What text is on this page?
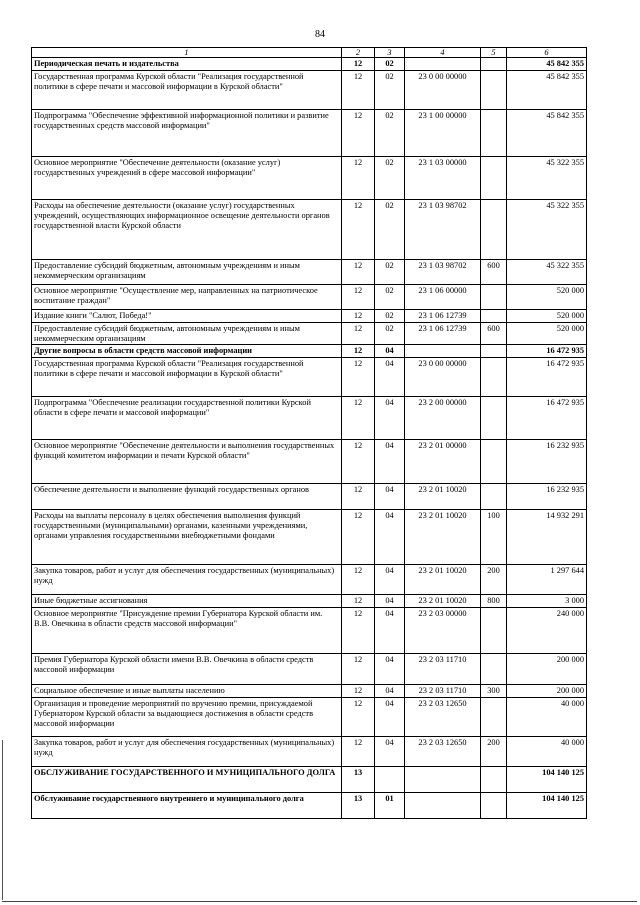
84
1	2	3	4	5	6
Периодическая печать и издательства	12	02			45 842 355
Государственная программа Курской области "Реализация государственной политики в сфере печати и массовой информации в Курской области"	12	02	23 0 00 00000		45 842 355
Подпрограмма "Обеспечение эффективной информационной политики и развитие государственных средств массовой информации"	12	02	23 1 00 00000		45 842 355
Основное мероприятие "Обеспечение деятельности (оказание услуг) государственных учреждений в сфере массовой информации"	12	02	23 1 03 00000		45 322 355
Расходы на обеспечение деятельности (оказание услуг) государственных учреждений, осуществляющих информационное освещение деятельности органов государственной власти Курской области	12	02	23 1 03 98702		45 322 355
Предоставление субсидий бюджетным, автономным учреждениям и иным некоммерческим организациям	12	02	23 1 03 98702	600	45 322 355
Основное мероприятие "Осуществление мер, направленных на патриотическое воспитание граждан"	12	02	23 1 06 00000		520 000
Издание книги "Салют, Победа!"	12	02	23 1 06 12739		520 000
Предоставление субсидий бюджетным, автономным учреждениям и иным некоммерческим организациям	12	02	23 1 06 12739	600	520 000
Другие вопросы в области средств массовой информации	12	04			16 472 935
Государственная программа Курской области "Реализация государственной политики в сфере печати и массовой информации в Курской области"	12	04	23 0 00 00000		16 472 935
Подпрограмма "Обеспечение реализации государственной политики Курской области в сфере печати и массовой информации"	12	04	23 2 00 00000		16 472 935
Основное мероприятие "Обеспечение деятельности и выполнения государственных функций комитетом информации и печати Курской области"	12	04	23 2 01 00000		16 232 935
Обеспечение деятельности и выполнение функций государственных органов	12	04	23 2 01 10020		16 232 935
Расходы на выплаты персоналу в целях обеспечения выполнения функций государственными (муниципальными) органами, казенными учреждениями, органами управления государственными внебюджетными фондами	12	04	23 2 01 10020	100	14 932 291
Закупка товаров, работ и услуг для обеспечения государственных (муниципальных) нужд	12	04	23 2 01 10020	200	1 297 644
Иные бюджетные ассигнования	12	04	23 2 01 10020	800	3 000
Основное мероприятие "Присуждение премии Губернатора Курской области им. В.В. Овечкина в области средств массовой информации"	12	04	23 2 03 00000		240 000
Премия Губернатора Курской области имени В.В. Овечкина в области средств массовой информации	12	04	23 2 03 11710		200 000
Социальное обеспечение и иные выплаты населению	12	04	23 2 03 11710	300	200 000
Организация и проведение мероприятий по вручению премии, присуждаемой Губернатором Курской области за выдающиеся достижения в области средств массовой информации	12	04	23 2 03 12650		40 000
Закупка товаров, работ и услуг для обеспечения государственных (муниципальных) нужд	12	04	23 2 03 12650	200	40 000
ОБСЛУЖИВАНИЕ ГОСУДАРСТВЕННОГО И МУНИЦИПАЛЬНОГО ДОЛГА	13				104 140 125
Обслуживание государственного внутреннего и муниципального долга	13	01			104 140 125
